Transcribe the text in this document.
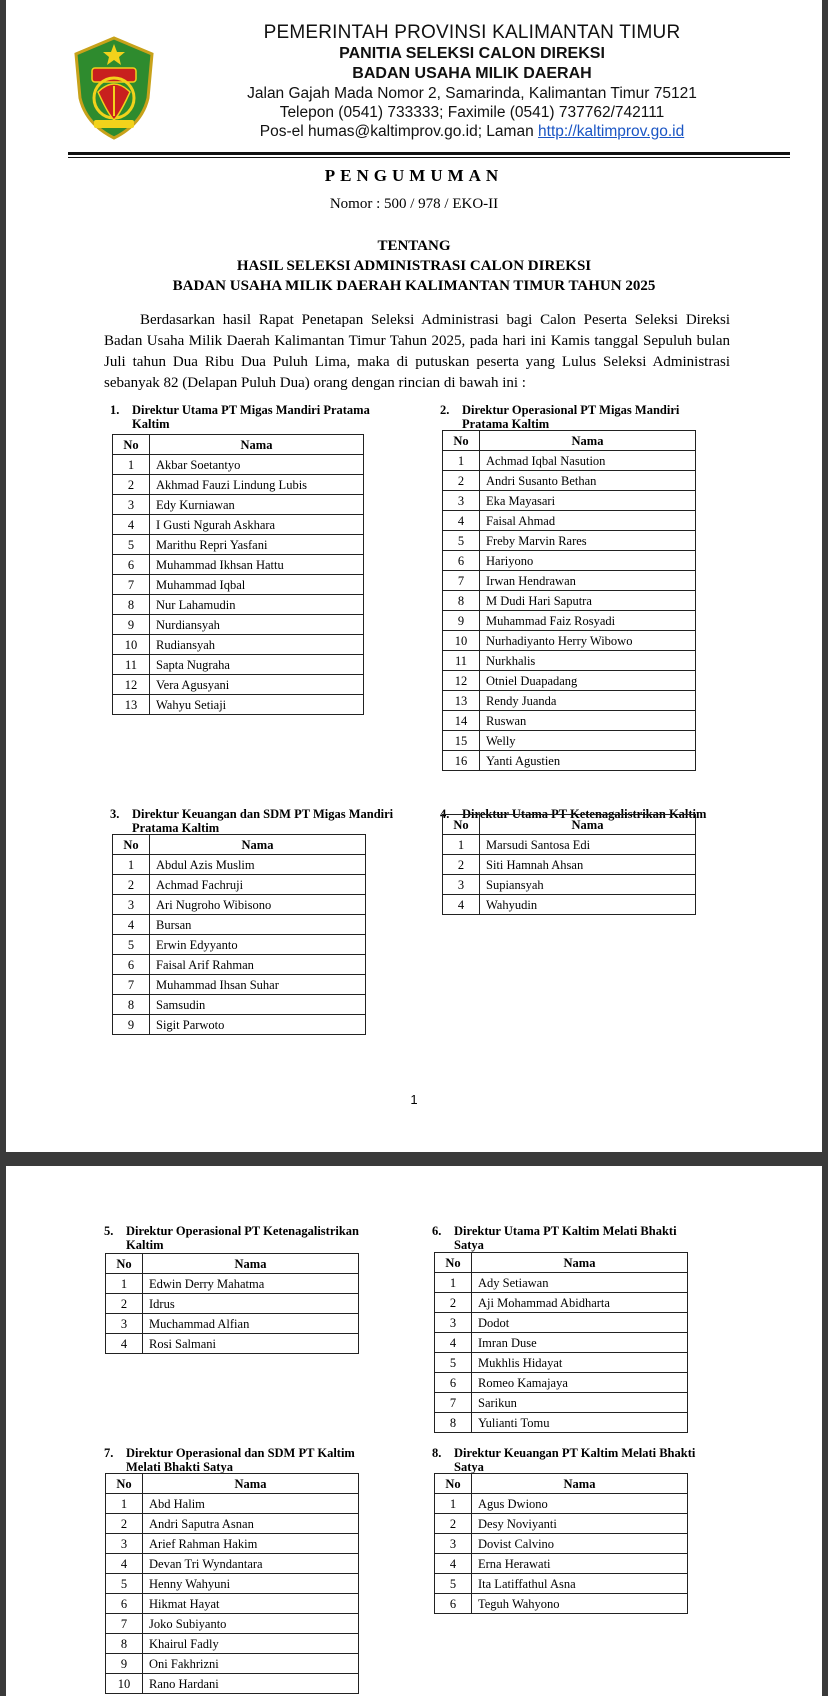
PEMERINTAH PROVINSI KALIMANTAN TIMUR
PANITIA SELEKSI CALON DIREKSI
BADAN USAHA MILIK DAERAH
Jalan Gajah Mada Nomor 2, Samarinda, Kalimantan Timur 75121
Telepon (0541) 733333; Faximile (0541) 737762/742111
Pos-el humas@kaltimprov.go.id; Laman http://kaltimprov.go.id
PENGUMUMAN
Nomor : 500 / 978 / EKO-II
TENTANG
HASIL SELEKSI ADMINISTRASI CALON DIREKSI
BADAN USAHA MILIK DAERAH KALIMANTAN TIMUR TAHUN 2025
Berdasarkan hasil Rapat Penetapan Seleksi Administrasi bagi Calon Peserta Seleksi Direksi Badan Usaha Milik Daerah Kalimantan Timur Tahun 2025, pada hari ini Kamis tanggal Sepuluh bulan Juli tahun Dua Ribu Dua Puluh Lima, maka di putuskan peserta yang Lulus Seleksi Administrasi sebanyak 82 (Delapan Puluh Dua) orang dengan rincian di bawah ini :
1. Direktur Utama PT Migas Mandiri Pratama
Kaltim
No	Nama
1	Akbar Soetantyo
2	Akhmad Fauzi Lindung Lubis
3	Edy Kurniawan
4	I Gusti Ngurah Askhara
5	Marithu Repri Yasfani
6	Muhammad Ikhsan Hattu
7	Muhammad Iqbal
8	Nur Lahamudin
9	Nurdiansyah
10	Rudiansyah
11	Sapta Nugraha
12	Vera Agusyani
13	Wahyu Setiaji
2. Direktur Operasional PT Migas Mandiri
Pratama Kaltim
No	Nama
1	Achmad Iqbal Nasution
2	Andri Susanto Bethan
3	Eka Mayasari
4	Faisal Ahmad
5	Freby Marvin Rares
6	Hariyono
7	Irwan Hendrawan
8	M Dudi Hari Saputra
9	Muhammad Faiz Rosyadi
10	Nurhadiyanto Herry Wibowo
11	Nurkhalis
12	Otniel Duapadang
13	Rendy Juanda
14	Ruswan
15	Welly
16	Yanti Agustien
3. Direktur Keuangan dan SDM PT Migas Mandiri
Pratama Kaltim
No	Nama
1	Abdul Azis Muslim
2	Achmad Fachruji
3	Ari Nugroho Wibisono
4	Bursan
5	Erwin Edyyanto
6	Faisal Arif Rahman
7	Muhammad Ihsan Suhar
8	Samsudin
9	Sigit Parwoto
4. Direktur Utama PT Ketenagalistrikan Kaltim
No	Nama
1	Marsudi Santosa Edi
2	Siti Hamnah Ahsan
3	Supiansyah
4	Wahyudin
1
5. Direktur Operasional PT Ketenagalistrikan
Kaltim
No	Nama
1	Edwin Derry Mahatma
2	Idrus
3	Muchammad Alfian
4	Rosi Salmani
6. Direktur Utama PT Kaltim Melati Bhakti
Satya
No	Nama
1	Ady Setiawan
2	Aji Mohammad Abidharta
3	Dodot
4	Imran Duse
5	Mukhlis Hidayat
6	Romeo Kamajaya
7	Sarikun
8	Yulianti Tomu
7. Direktur Operasional dan SDM PT Kaltim
Melati Bhakti Satya
No	Nama
1	Abd Halim
2	Andri Saputra Asnan
3	Arief Rahman Hakim
4	Devan Tri Wyndantara
5	Henny Wahyuni
6	Hikmat Hayat
7	Joko Subiyanto
8	Khairul Fadly
9	Oni Fakhrizni
10	Rano Hardani
8. Direktur Keuangan PT Kaltim Melati Bhakti
Satya
No	Nama
1	Agus Dwiono
2	Desy Noviyanti
3	Dovist Calvino
4	Erna Herawati
5	Ita Latiffathul Asna
6	Teguh Wahyono
